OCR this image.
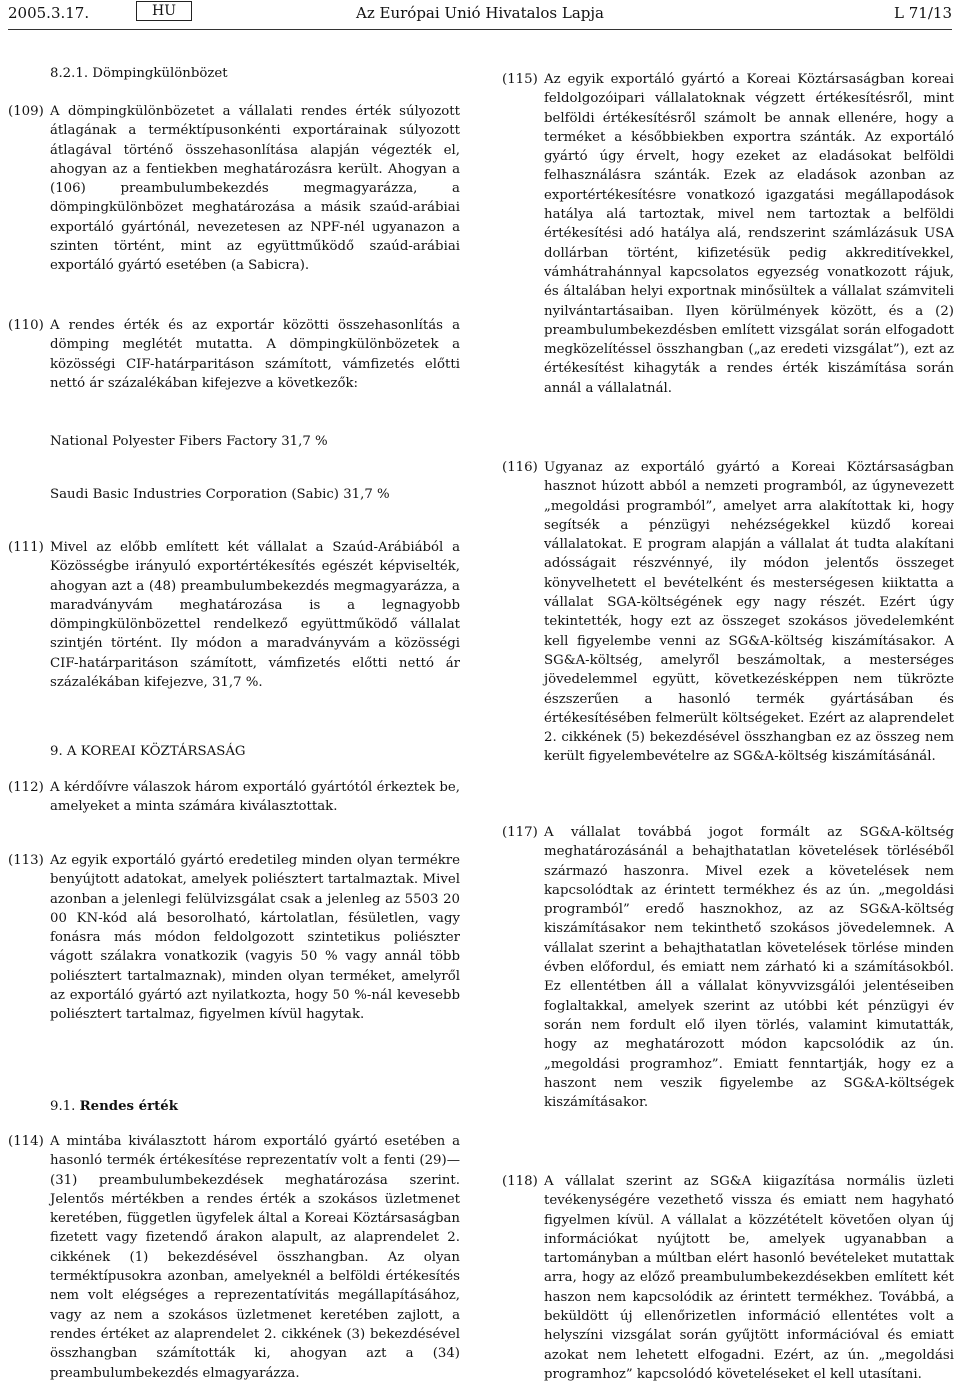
2005.3.17.	HU	Az Európai Unió Hivatalos Lapja	L 71/13
8.2.1. Dömpingkülönbözet
(109) A dömpingkülönbözetet a vállalati rendes érték súlyozott átlagának a terméktípusonkénti exportárainak súlyozott átlagával történő összehasonlítása alapján végezték el, ahogyan az a fentiekben meghatározásra került. Ahogyan a (106) preambulumbekezdés megmagyarázza, a dömpingkülönbözet meghatározása a másik szaúd-arábiai exportáló gyártónál, nevezetesen az NPF-nél ugyanazon a szinten történt, mint az együttműködő szaúd-arábiai exportáló gyártó esetében (a Sabicra).
(110) A rendes érték és az exportár közötti összehasonlítás a dömping meglétét mutatta. A dömpingkülönbözetek a közösségi CIF-határparitáson számított, vámfizetés előtti nettó ár százalékában kifejezve a következők:
National Polyester Fibers Factory 31,7 %
Saudi Basic Industries Corporation (Sabic) 31,7 %
(111) Mivel az előbb említett két vállalat a Szaúd-Arábiából a Közösségbe irányuló exportértékesítés egészét képviselték, ahogyan azt a (48) preambulumbekezdés megmagyarázza, a maradványvám meghatározása is a legnagyobb dömpingkülönbözettel rendelkező együttműködő vállalat szintjén történt. Ily módon a maradványvám a közösségi CIF-határparitáson számított, vámfizetés előtti nettó ár százalékában kifejezve, 31,7 %.
9. A KOREAI KÖZTÁRSASÁG
(112) A kérdőívre válaszok három exportáló gyártótól érkeztek be, amelyeket a minta számára kiválasztottak.
(113) Az egyik exportáló gyártó eredetileg minden olyan termékre benyújtott adatokat, amelyek poliésztert tartalmaztak. Mivel azonban a jelenlegi felülvizsgálat csak a jelenleg az 5503 20 00 KN-kód alá besorolható, kártolatlan, fésületlen, vagy fonásra más módon feldolgozott szintetikus poliészter vágott szálakra vonatkozik (vagyis 50 % vagy annál több poliésztert tartalmaznak), minden olyan terméket, amelyről az exportáló gyártó azt nyilatkozta, hogy 50 %-nál kevesebb poliésztert tartalmaz, figyelmen kívül hagytak.
9.1. Rendes érték
(114) A mintába kiválasztott három exportáló gyártó esetében a hasonló termék értékesítése reprezentatív volt a fenti (29)—(31) preambulumbekezdések meghatározása szerint. Jelentős mértékben a rendes érték a szokásos üzletmenet keretében, független ügyfelek által a Koreai Köztársaságban fizetett vagy fizetendő árakon alapult, az alaprendelet 2. cikkének (1) bekezdésével összhangban. Az olyan terméktípusokra azonban, amelyeknél a belföldi értékesítés nem volt elégséges a reprezentatívitás megállapításához, vagy az nem a szokásos üzletmenet keretében zajlott, a rendes értéket az alaprendelet 2. cikkének (3) bekezdésével összhangban számították ki, ahogyan azt a (34) preambulumbekezdés elmagyarázza.
(115) Az egyik exportáló gyártó a Koreai Köztársaságban koreai feldolgozóipari vállalatoknak végzett értékesítésről, mint belföldi értékesítésről számolt be annak ellenére, hogy a terméket a későbbiekben exportra szánták. Az exportáló gyártó úgy érvelt, hogy ezeket az eladásokat belföldi felhasználásra szánták. Ezek az eladások azonban az exportértékesítésre vonatkozó igazgatási megállapodások hatálya alá tartoztak, mivel nem tartoztak a belföldi értékesítési adó hatálya alá, rendszerint számlázásuk USA dollárban történt, kifizetésük pedig akkreditívekkel, vámhátrahánnyal kapcsolatos egyezség vonatkozott rájuk, és általában helyi exportnak minősültek a vállalat számviteli nyilvántartásaiban. Ilyen körülmények között, és a (2) preambulumbekezdésben említett vizsgálat során elfogadott megközelítéssel összhangban („az eredeti vizsgálat”), ezt az értékesítést kihagyták a rendes érték kiszámítása során annál a vállalatnál.
(116) Ugyanaz az exportáló gyártó a Koreai Köztársaságban hasznot húzott abból a nemzeti programból, az úgynevezett „megoldási programból”, amelyet arra alakítottak ki, hogy segítsék a pénzügyi nehézségekkel küzdő koreai vállalatokat. E program alapján a vállalat át tudta alakítani adósságait részvénnyé, ily módon jelentős összeget könyvelhetett el bevételként és mesterségesen kiiktatta a vállalat SGA-költségének egy nagy részét. Ezért úgy tekintették, hogy ezt az összeget szokásos jövedelemként kell figyelembe venni az SG&A-költség kiszámításakor. A SG&A-költség, amelyről beszámoltak, a mesterséges jövedelemmel együtt, következésképpen nem tükrözte észszerűen a hasonló termék gyártásában és értékesítésében felmerült költségeket. Ezért az alaprendelet 2. cikkének (5) bekezdésével összhangban ez az összeg nem került figyelembevételre az SG&A-költség kiszámításánál.
(117) A vállalat továbbá jogot formált az SG&A-költség meghatározásánál a behajthatatlan követelések törléséből származó haszonra. Mivel ezek a követelések nem kapcsolódtak az érintett termékhez és az ún. „megoldási programból” eredő hasznokhoz, az az SG&A-költség kiszámításakor nem tekinthető szokásos jövedelemnek. A vállalat szerint a behajthatatlan követelések törlése minden évben előfordul, és emiatt nem zárható ki a számításokból. Ez ellentétben áll a vállalat könyvvizsgálói jelentéseiben foglaltakkal, amelyek szerint az utóbbi két pénzügyi év során nem fordult elő ilyen törlés, valamint kimutatták, hogy az meghatározott módon kapcsolódik az ún. „megoldási programhoz”. Emiatt fenntartják, hogy ez a haszont nem veszik figyelembe az SG&A-költségek kiszámításakor.
(118) A vállalat szerint az SG&A kiigazítása normális üzleti tevékenységére vezethető vissza és emiatt nem hagyható figyelmen kívül. A vállalat a közzétételt követően olyan új információkat nyújtott be, amelyek ugyanabban a tartományban a múltban elért hasonló bevételeket mutattak arra, hogy az előző preambulumbekezdésekben említett két haszon nem kapcsolódik az érintett termékhez. Továbbá, a beküldött új ellenőrizetlen információ ellentétes volt a helyszíni vizsgálat során gyűjtött információval és emiatt azokat nem lehetett elfogadni. Ezért, az ún. „megoldási programhoz” kapcsolódó követeléseket el kell utasítani.
